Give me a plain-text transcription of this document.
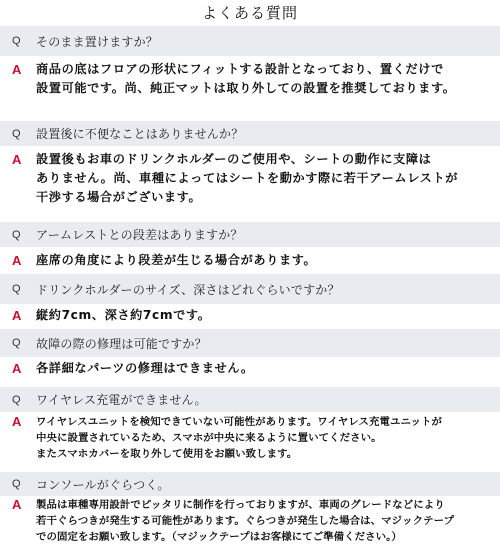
よくある質問
Q	そのまま置けますか？
A	商品の底はフロアの形状にフィットする設計となっており、置くだけで
設置可能です。尚、純正マットは取り外しての設置を推奨しております。
Q	設置後に不便なことはありませんか？
A	設置後もお車のドリンクホルダーのご使用や、シートの動作に支障は
ありません。尚、車種によってはシートを動かす際に若干アームレストが
干渉する場合がございます。
Q	アームレストとの段差はありますか？
A	座席の角度により段差が生じる場合があります。
Q	ドリンクホルダーのサイズ、深さはどれぐらいですか？
A	縦約7cm、深さ約7cmです。
Q	故障の際の修理は可能ですか？
A	各詳細なパーツの修理はできません。
Q	ワイヤレス充電ができません。
A	ワイヤレスユニットを検知できていない可能性があります。ワイヤレス充電ユニットが
中央に設置されているため、スマホが中央に来るように置いてください。
またスマホカバーを取り外して使用をお願い致します。
Q	コンソールがぐらつく。
A	製品は車種専用設計でピッタリに制作を行っておりますが、車両のグレードなどにより
若干ぐらつきが発生する可能性があります。ぐらつきが発生した場合は、マジックテープ
での固定をお願い致します。（マジックテープはお客様にてご準備ください。）
